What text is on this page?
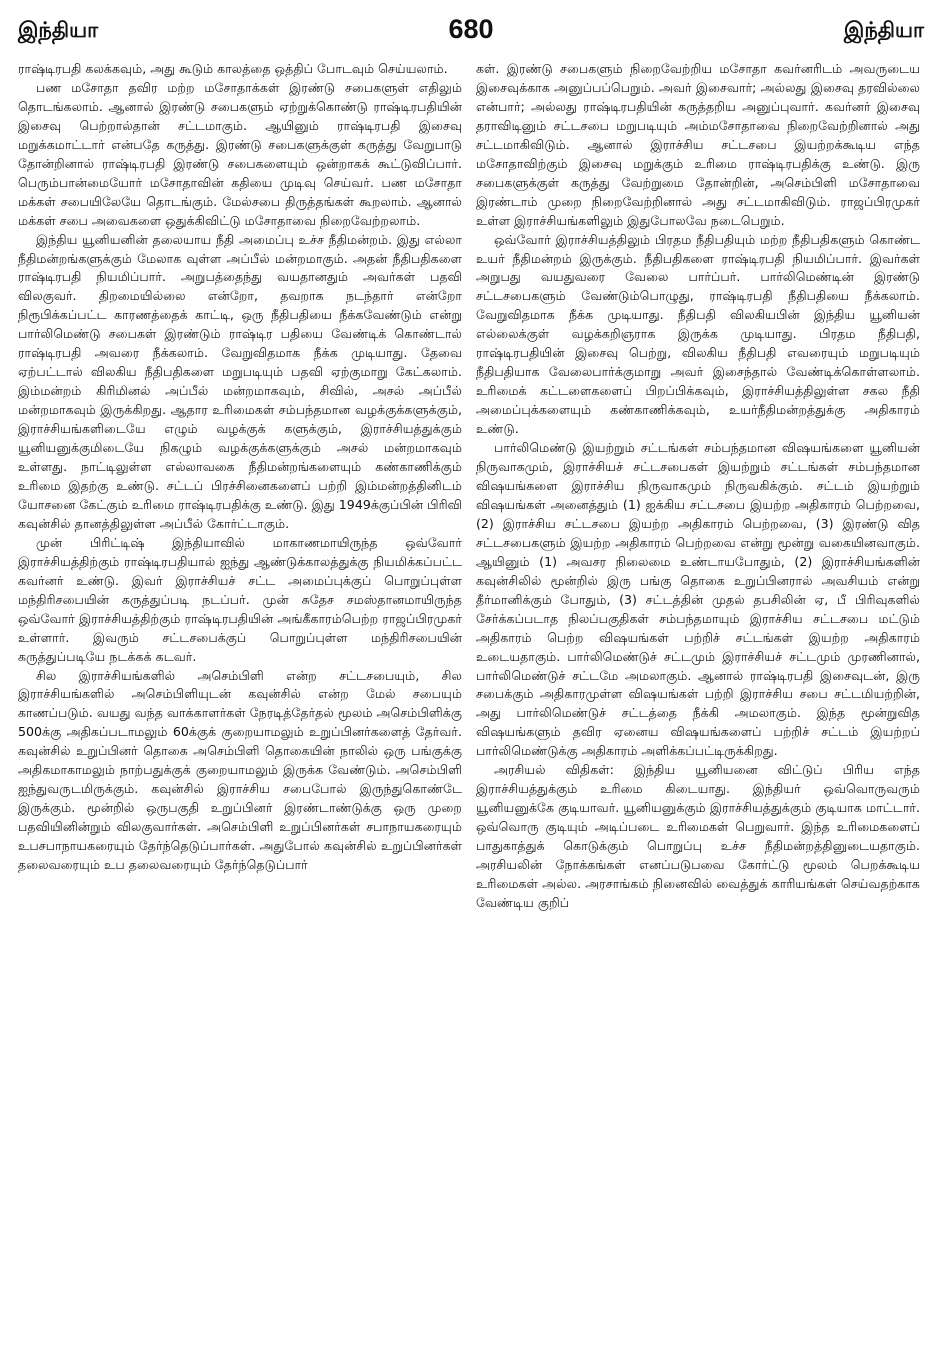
இந்தியா	680	இந்தியா

ராஷ்டிரபதி கலக்கவும், அது கூடும் காலத்தை ஒத்திப் போடவும் செய்யலாம்.

பண மசோதா தவிர மற்ற மசோதாக்கள் இரண்டு சபைகளுள் எதிலும் தொடங்கலாம். ஆனால் இரண்டு சபைகளும் ஏற்றுக்கொண்டு ராஷ்டிரபதியின் இசைவு பெற்றால்தான் சட்டமாகும். ஆயினும் ராஷ்டிரபதி இசைவு மறுக்கமாட்டார் என்பதே கருத்து. இரண்டு சபைகளுக்குள் கருத்து வேறுபாடு தோன்றினால் ராஷ்டிரபதி இரண்டு சபைகளையும் ஒன்றாகக் கூட்டுவிப்பார். பெரும்பான்மையோர் மசோதாவின் கதியை முடிவு செய்வர். பண மசோதா மக்கள் சபையிலேயே தொடங்கும். மேல்சபை திருத்தங்கள் கூறலாம். ஆனால் மக்கள் சபை அவைகளை ஒதுக்கிவிட்டு மசோதாவை நிறைவேற்றலாம்.

இந்திய யூனியனின் தலையாய நீதி அமைப்பு உச்ச நீதிமன்றம். இது எல்லா நீதிமன்றங்களுக்கும் மேலாக வுள்ள அப்பீல் மன்றமாகும். அதன் நீதிபதிகளை ராஷ்டிரபதி நியமிப்பார். அறுபத்தைந்து வயதானதும் அவர்கள் பதவி விலகுவர். திறமையில்லை என்றோ, தவறாக நடந்தார் என்றோ நிரூபிக்கப்பட்ட காரணத்தைக் காட்டி, ஒரு நீதிபதியை நீக்கவேண்டும் என்று பார்லிமெண்டு சபைகள் இரண்டும் ராஷ்டிர பதியை வேண்டிக் கொண்டால் ராஷ்டிரபதி அவரை நீக்கலாம். வேறுவிதமாக நீக்க முடியாது. தேவை ஏற்பட்டால் விலகிய நீதிபதிகளை மறுபடியும் பதவி ஏற்குமாறு கேட்கலாம். இம்மன்றம் கிரிமினல் அப்பீல் மன்றமாகவும், சிவில், அசல் அப்பீல் மன்றமாகவும் இருக்கிறது. ஆதார உரிமைகள் சம்பந்தமான வழக்குக்களுக்கும், இராச்சியங்களிடையே எழும் வழக்குக் களுக்கும், இராச்சியத்துக்கும் யூனியனுக்குமிடையே நிகழும் வழக்குக்களுக்கும் அசல் மன்றமாகவும் உள்ளது. நாட்டிலுள்ள எல்லாவகை நீதிமன்றங்களையும் கண்காணிக்கும் உரிமை இதற்கு உண்டு. சட்டப் பிரச்சினைகளைப் பற்றி இம்மன்றத்தினிடம் யோசனை கேட்கும் உரிமை ராஷ்டிரபதிக்கு உண்டு. இது 1949க்குப்பின் பிரிவி கவுன்சில் தானத்திலுள்ள அப்பீல் கோர்ட்டாகும்.

முன் பிரிட்டிஷ் இந்தியாவில் மாகாணமாயிருந்த ஒவ்வோர் இராச்சியத்திற்கும் ராஷ்டிரபதியால் ஐந்து ஆண்டுக்காலத்துக்கு நியமிக்கப்பட்ட கவர்னர் உண்டு. இவர் இராச்சியச் சட்ட அமைப்புக்குப் பொறுப்புள்ள மந்திரிசபையின் கருத்துப்படி நடப்பர். முன் சுதேச சமஸ்தானமாயிருந்த ஒவ்வோர் இராச்சியத்திற்கும் ராஷ்டிரபதியின் அங்கீகாரம்பெற்ற ராஜப்பிரமுகர் உள்ளார். இவரும் சட்டசபைக்குப் பொறுப்புள்ள மந்திரிசபையின் கருத்துப்படியே நடக்கக் கடவர்.

சில இராச்சியங்களில் அசெம்பிளி என்ற சட்டசபையும், சில இராச்சியங்களில் அசெம்பிளியுடன் கவுன்சில் என்ற மேல் சபையும் காணப்படும். வயது வந்த வாக்காளர்கள் நேரடித்தேர்தல் மூலம் அசெம்பிளிக்கு 500க்கு அதிகப்படாமலும் 60க்குக் குறையாமலும் உறுப்பினர்களைத் தேர்வர். கவுன்சில் உறுப்பினர் தொகை அசெம்பிளி தொகையின் நாலில் ஒரு பங்குக்கு அதிகமாகாமலும் நாற்பதுக்குக் குறையாமலும் இருக்க வேண்டும். அசெம்பிளி ஐந்துவருடமிருக்கும். கவுன்சில் இராச்சிய சபைபோல் இருந்துகொண்டே இருக்கும். மூன்றில் ஒருபகுதி உறுப்பினர் இரண்டாண்டுக்கு ஒரு முறை பதவியினின்றும் விலகுவார்கள். அசெம்பிளி உறுப்பினர்கள் சபாநாயகரையும் உபசபாநாயகரையும் தேர்ந்தெடுப்பார்கள். அதுபோல் கவுன்சில் உறுப்பினர்கள் தலைவரையும் உப தலைவரையும் தேர்ந்தெடுப்பார்

கள். இரண்டு சபைகளும் நிறைவேற்றிய மசோதா கவர்னரிடம் அவருடைய இசைவுக்காக அனுப்பப்பெறும். அவர் இசைவார்; அல்லது இசைவு தரவில்லை என்பார்; அல்லது ராஷ்டிரபதியின் கருத்தறிய அனுப்புவார். கவர்னர் இசைவு தராவிடினும் சட்டசபை மறுபடியும் அம்மசோதாவை நிறைவேற்றினால் அது சட்டமாகிவிடும். ஆனால் இராச்சிய சட்டசபை இயற்றக்கூடிய எந்த மசோதாவிற்கும் இசைவு மறுக்கும் உரிமை ராஷ்டிரபதிக்கு உண்டு. இரு சபைகளுக்குள் கருத்து வேற்றுமை தோன்றின், அசெம்பிளி மசோதாவை இரண்டாம் முறை நிறைவேற்றினால் அது சட்டமாகிவிடும். ராஜப்பிரமுகர் உள்ள இராச்சியங்களிலும் இதுபோலவே நடைபெறும்.

ஒவ்வோர் இராச்சியத்திலும் பிரதம நீதிபதியும் மற்ற நீதிபதிகளும் கொண்ட உயர் நீதிமன்றம் இருக்கும். நீதிபதிகளை ராஷ்டிரபதி நியமிப்பார். இவர்கள் அறுபது வயதுவரை வேலை பார்ப்பர். பார்லிமெண்டின் இரண்டு சட்டசபைகளும் வேண்டும்பொழுது, ராஷ்டிரபதி நீதிபதியை நீக்கலாம். வேறுவிதமாக நீக்க முடியாது. நீதிபதி விலகியபின் இந்திய யூனியன் எல்லைக்குள் வழக்கறிஞராக இருக்க முடியாது. பிரதம நீதிபதி, ராஷ்டிரபதியின் இசைவு பெற்று, விலகிய நீதிபதி எவரையும் மறுபடியும் நீதிபதியாக வேலைபார்க்குமாறு அவர் இசைந்தால் வேண்டிக்கொள்ளலாம். உரிமைக் கட்டளைகளைப் பிறப்பிக்கவும், இராச்சியத்திலுள்ள சகல நீதி அமைப்புக்களையும் கண்காணிக்கவும், உயர்நீதிமன்றத்துக்கு அதிகாரம் உண்டு.

பார்லிமெண்டு இயற்றும் சட்டங்கள் சம்பந்தமான விஷயங்களை யூனியன் நிருவாகமும், இராச்சியச் சட்டசபைகள் இயற்றும் சட்டங்கள் சம்பந்தமான விஷயங்களை இராச்சிய நிருவாகமும் நிருவகிக்கும். சட்டம் இயற்றும் விஷயங்கள் அனைத்தும் (1) ஐக்கிய சட்டசபை இயற்ற அதிகாரம் பெற்றவை, (2) இராச்சிய சட்டசபை இயற்ற அதிகாரம் பெற்றவை, (3) இரண்டு வித சட்டசபைகளும் இயற்ற அதிகாரம் பெற்றவை என்று மூன்று வகையினவாகும். ஆயினும் (1) அவசர நிலைமை உண்டாயபோதும், (2) இராச்சியங்களின் கவுன்சிலில் மூன்றில் இரு பங்கு தொகை உறுப்பினரால் அவசியம் என்று தீர்மானிக்கும் போதும், (3) சட்டத்தின் முதல் தபசிலின் ஏ, பீ பிரிவுகளில் சேர்க்கப்படாத நிலப்பகுதிகள் சம்பந்தமாயும் இராச்சிய சட்டசபை மட்டும் அதிகாரம் பெற்ற விஷயங்கள் பற்றிச் சட்டங்கள் இயற்ற அதிகாரம் உடையதாகும். பார்லிமெண்டுச் சட்டமும் இராச்சியச் சட்டமும் முரணினால், பார்லிமெண்டுச் சட்டமே அமலாகும். ஆனால் ராஷ்டிரபதி இசைவுடன், இரு சபைக்கும் அதிகாரமுள்ள விஷயங்கள் பற்றி இராச்சிய சபை சட்டமியற்றின், அது பார்லிமெண்டுச் சட்டத்தை நீக்கி அமலாகும். இந்த மூன்றுவித விஷயங்களும் தவிர ஏனைய விஷயங்களைப் பற்றிச் சட்டம் இயற்றப் பார்லிமெண்டுக்கு அதிகாரம் அளிக்கப்பட்டிருக்கிறது.

அரசியல் விதிகள்: இந்திய யூனியனை விட்டுப் பிரிய எந்த இராச்சியத்துக்கும் உரிமை கிடையாது. இந்தியர் ஒவ்வொருவரும் யூனியனுக்கே குடியாவர். யூனியனுக்கும் இராச்சியத்துக்கும் குடியாக மாட்டார். ஒவ்வொரு குடியும் அடிப்படை உரிமைகள் பெறுவார். இந்த உரிமைகளைப் பாதுகாத்துக் கொடுக்கும் பொறுப்பு உச்ச நீதிமன்றத்தினுடையதாகும். அரசியலின் நோக்கங்கள் எனப்படுபவை கோர்ட்டு மூலம் பெறக்கூடிய உரிமைகள் அல்ல. அரசாங்கம் நினைவில் வைத்துக் காரியங்கள் செய்வதற்காக வேண்டிய குறிப்
